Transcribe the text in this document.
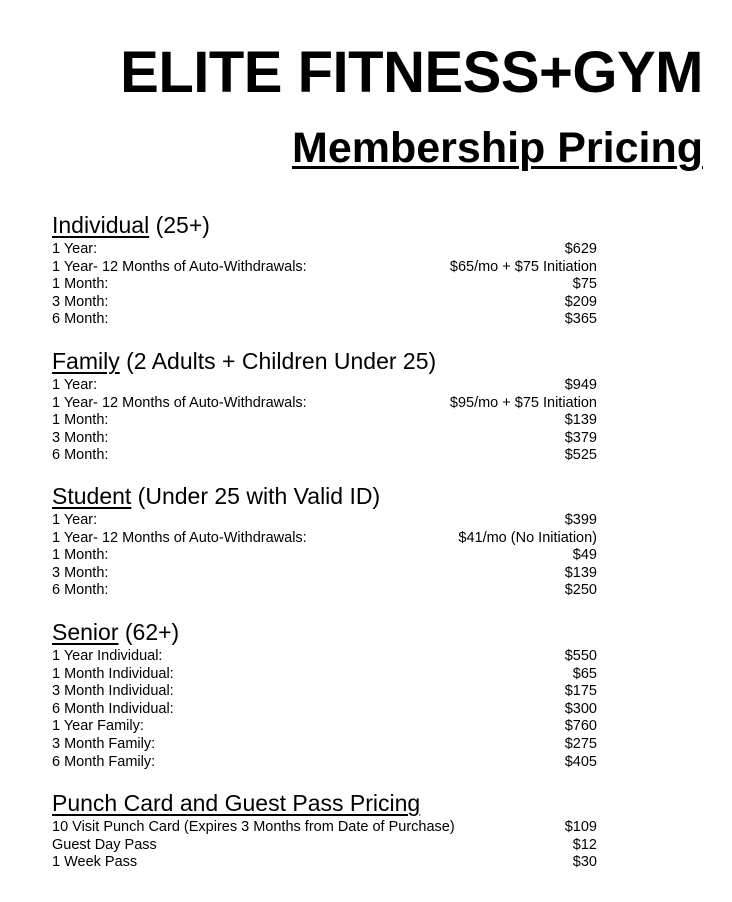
ELITE FITNESS+GYM
Membership Pricing
Individual (25+)
1 Year:	$629
1 Year- 12 Months of Auto-Withdrawals:	$65/mo + $75 Initiation
1 Month:	$75
3 Month:	$209
6 Month:	$365
Family (2 Adults + Children Under 25)
1 Year:	$949
1 Year- 12 Months of Auto-Withdrawals:	$95/mo + $75 Initiation
1 Month:	$139
3 Month:	$379
6 Month:	$525
Student (Under 25 with Valid ID)
1 Year:	$399
1 Year- 12 Months of Auto-Withdrawals:	$41/mo (No Initiation)
1 Month:	$49
3 Month:	$139
6 Month:	$250
Senior (62+)
1 Year Individual:	$550
1 Month Individual:	$65
3 Month Individual:	$175
6 Month Individual:	$300
1 Year Family:	$760
3 Month Family:	$275
6 Month Family:	$405
Punch Card and Guest Pass Pricing
10 Visit Punch Card (Expires 3 Months from Date of Purchase)	$109
Guest Day Pass	$12
1 Week Pass	$30
